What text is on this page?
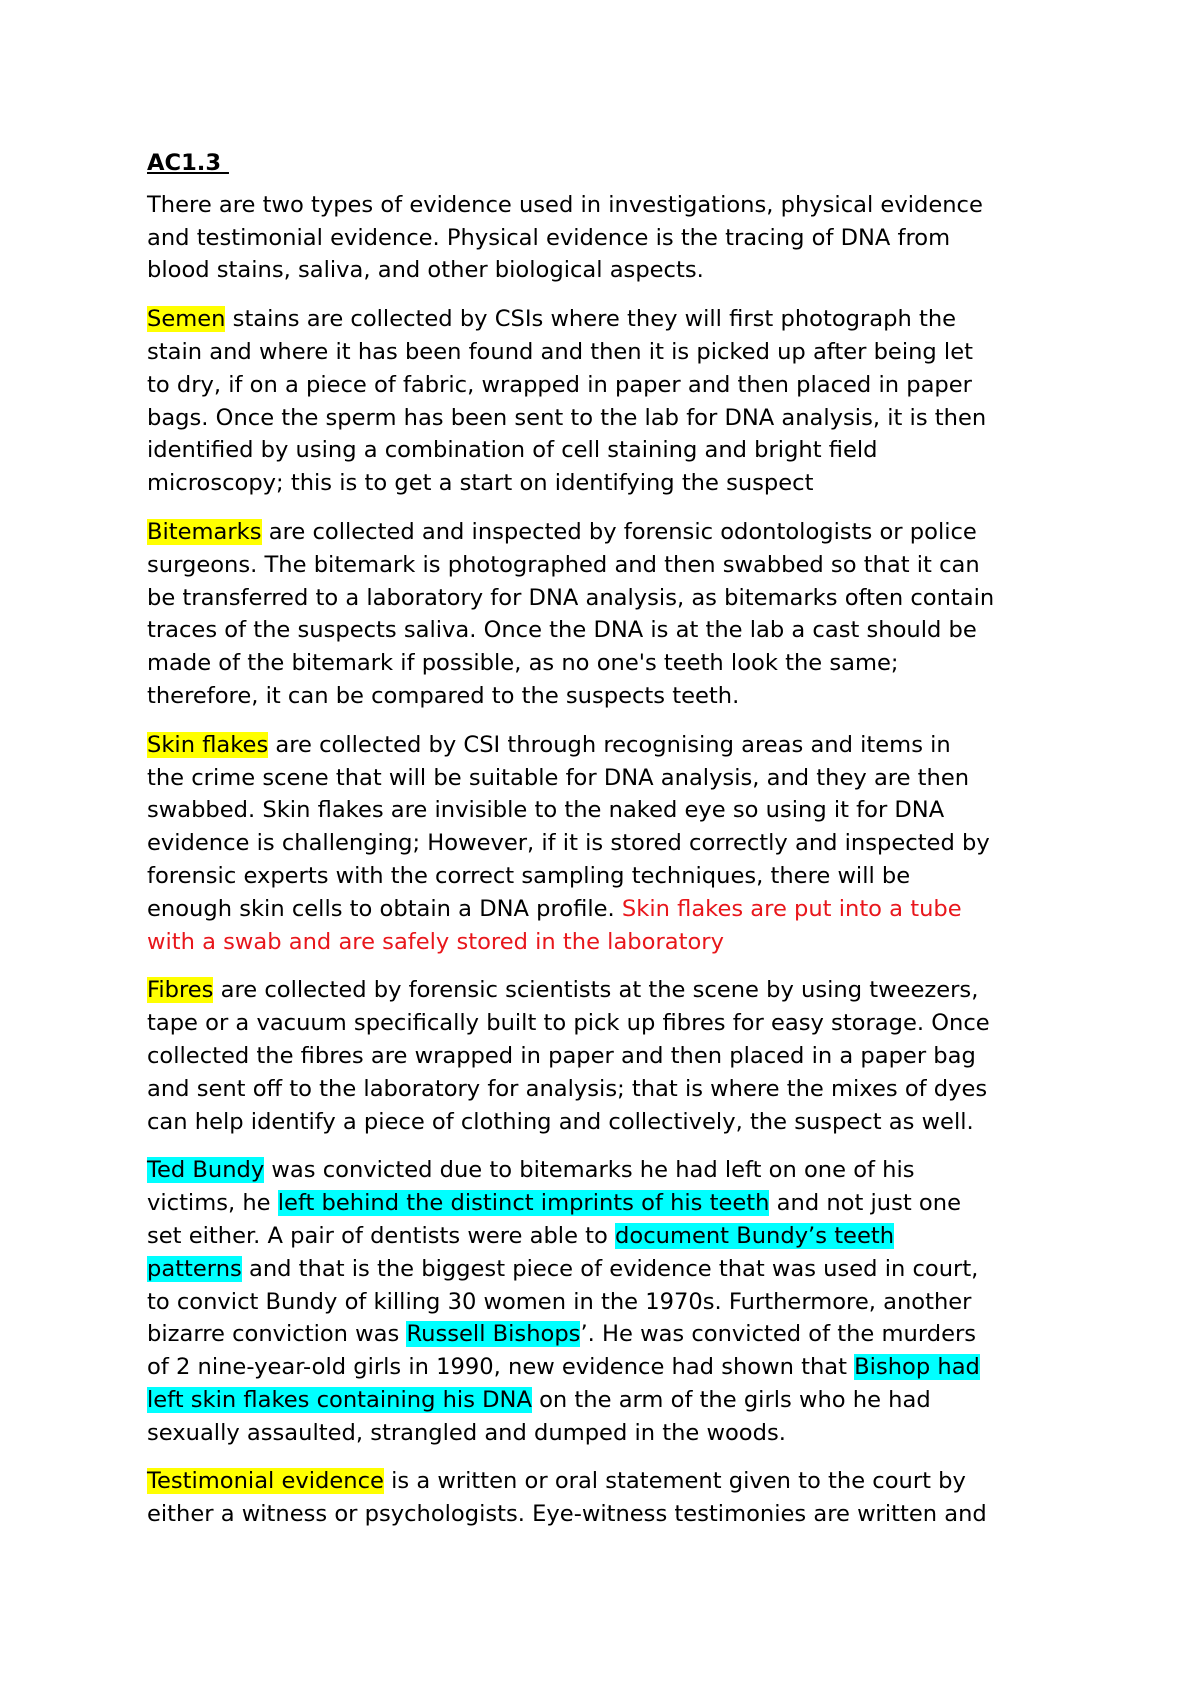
AC1.3

There are two types of evidence used in investigations, physical evidence
and testimonial evidence. Physical evidence is the tracing of DNA from
blood stains, saliva, and other biological aspects.

Semen stains are collected by CSIs where they will first photograph the
stain and where it has been found and then it is picked up after being let
to dry, if on a piece of fabric, wrapped in paper and then placed in paper
bags. Once the sperm has been sent to the lab for DNA analysis, it is then
identified by using a combination of cell staining and bright field
microscopy; this is to get a start on identifying the suspect

Bitemarks are collected and inspected by forensic odontologists or police
surgeons. The bitemark is photographed and then swabbed so that it can
be transferred to a laboratory for DNA analysis, as bitemarks often contain
traces of the suspects saliva. Once the DNA is at the lab a cast should be
made of the bitemark if possible, as no one's teeth look the same;
therefore, it can be compared to the suspects teeth.

Skin flakes are collected by CSI through recognising areas and items in
the crime scene that will be suitable for DNA analysis, and they are then
swabbed. Skin flakes are invisible to the naked eye so using it for DNA
evidence is challenging; However, if it is stored correctly and inspected by
forensic experts with the correct sampling techniques, there will be
enough skin cells to obtain a DNA profile. Skin flakes are put into a tube
with a swab and are safely stored in the laboratory

Fibres are collected by forensic scientists at the scene by using tweezers,
tape or a vacuum specifically built to pick up fibres for easy storage. Once
collected the fibres are wrapped in paper and then placed in a paper bag
and sent off to the laboratory for analysis; that is where the mixes of dyes
can help identify a piece of clothing and collectively, the suspect as well.

Ted Bundy was convicted due to bitemarks he had left on one of his
victims, he left behind the distinct imprints of his teeth and not just one
set either. A pair of dentists were able to document Bundy’s teeth
patterns and that is the biggest piece of evidence that was used in court,
to convict Bundy of killing 30 women in the 1970s. Furthermore, another
bizarre conviction was Russell Bishops’. He was convicted of the murders
of 2 nine-year-old girls in 1990, new evidence had shown that Bishop had
left skin flakes containing his DNA on the arm of the girls who he had
sexually assaulted, strangled and dumped in the woods.

Testimonial evidence is a written or oral statement given to the court by
either a witness or psychologists. Eye-witness testimonies are written and
